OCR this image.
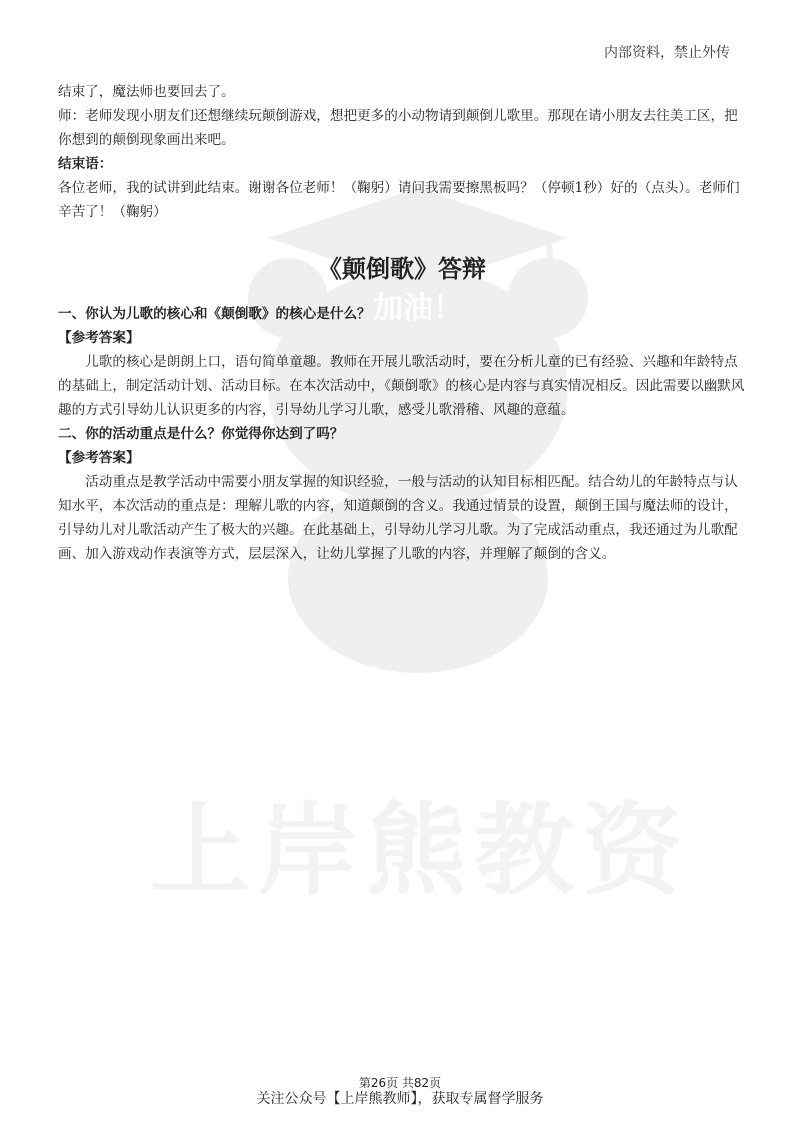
加油！
上岸熊教资
内部资料，禁止外传

结束了，魔法师也要回去了。

师：老师发现小朋友们还想继续玩颠倒游戏，想把更多的小动物请到颠倒儿歌里。那现在请小朋友去往美工区，把你想到的颠倒现象画出来吧。

结束语：

各位老师，我的试讲到此结束。谢谢各位老师！（鞠躬）请问我需要擦黑板吗？（停顿1秒）好的（点头）。老师们辛苦了！（鞠躬）

《颠倒歌》答辩

一、你认为儿歌的核心和《颠倒歌》的核心是什么？

【参考答案】

儿歌的核心是朗朗上口，语句简单童趣。教师在开展儿歌活动时，要在分析儿童的已有经验、兴趣和年龄特点的基础上，制定活动计划、活动目标。在本次活动中，《颠倒歌》的核心是内容与真实情况相反。因此需要以幽默风趣的方式引导幼儿认识更多的内容，引导幼儿学习儿歌，感受儿歌滑稽、风趣的意蕴。

二、你的活动重点是什么？你觉得你达到了吗？

【参考答案】

活动重点是教学活动中需要小朋友掌握的知识经验，一般与活动的认知目标相匹配。结合幼儿的年龄特点与认知水平，本次活动的重点是：理解儿歌的内容，知道颠倒的含义。我通过情景的设置，颠倒王国与魔法师的设计，引导幼儿对儿歌活动产生了极大的兴趣。在此基础上，引导幼儿学习儿歌。为了完成活动重点，我还通过为儿歌配画、加入游戏动作表演等方式，层层深入，让幼儿掌握了儿歌的内容，并理解了颠倒的含义。

第26页 共82页
关注公众号【上岸熊教师】，获取专属督学服务
